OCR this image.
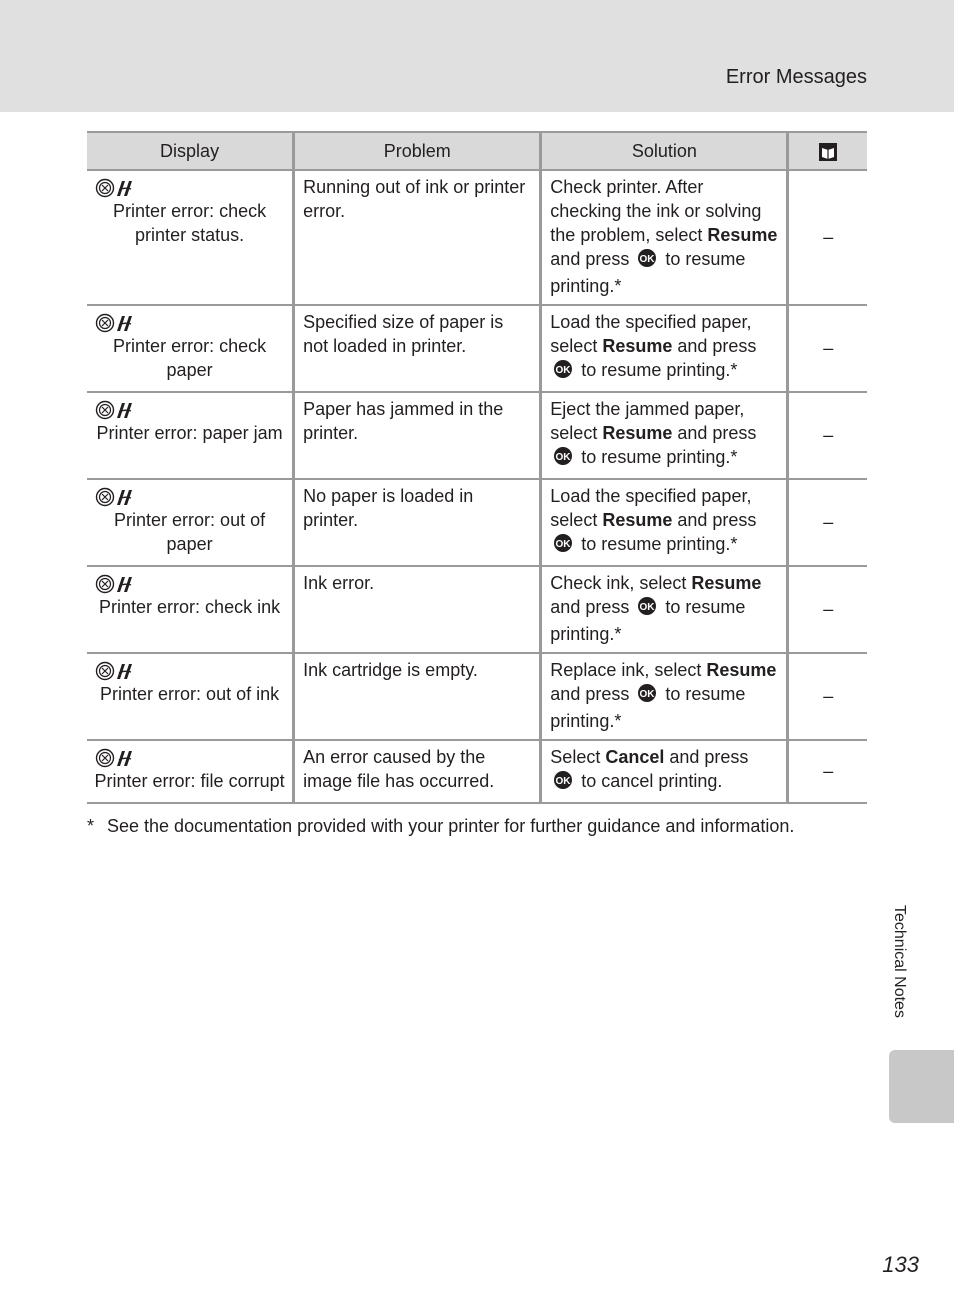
Error Messages
Display	Problem	Solution	

Printer error: check printer status.	Running out of ink or printer error.	Check printer. After checking the ink or solving the problem, select Resume and press OK to resume printing.*	–

Printer error: check paper	Specified size of paper is not loaded in printer.	Load the specified paper, select Resume and press
OK to resume printing.*	–

Printer error: paper jam	Paper has jammed in the printer.	Eject the jammed paper, select Resume and press
OK to resume printing.*	–

Printer error: out of paper	No paper is loaded in printer.	Load the specified paper, select Resume and press
OK to resume printing.*	–

Printer error: check ink	Ink error.	Check ink, select Resume and press OK to resume printing.*	–

Printer error: out of ink	Ink cartridge is empty.	Replace ink, select Resume and press OK to resume printing.*	–

Printer error: file corrupt	An error caused by the image file has occurred.	Select Cancel and press
OK to cancel printing.	–
* See the documentation provided with your printer for further guidance and information.
Technical Notes
133
